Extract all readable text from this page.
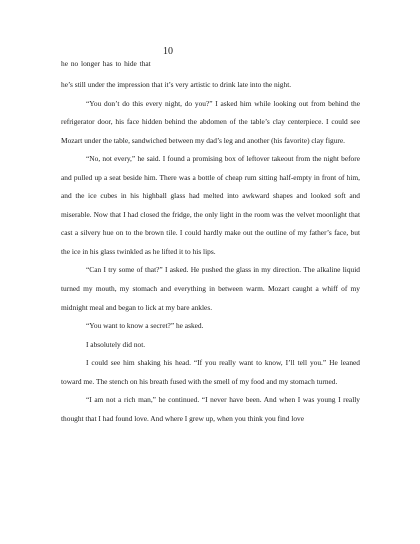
10
he no longer has to hide that

he’s still under the impression that it’s very artistic to drink late into the night.

“You don’t do this every night, do you?” I asked him while looking out from behind the refrigerator door, his face hidden behind the abdomen of the table’s clay centerpiece. I could see Mozart under the table, sandwiched between my dad’s leg and another (his favorite) clay figure.

“No, not every,” he said. I found a promising box of leftover takeout from the night before and pulled up a seat beside him. There was a bottle of cheap rum sitting half-empty in front of him, and the ice cubes in his highball glass had melted into awkward shapes and looked soft and miserable. Now that I had closed the fridge, the only light in the room was the velvet moonlight that cast a silvery hue on to the brown tile. I could hardly make out the outline of my father’s face, but the ice in his glass twinkled as he lifted it to his lips.

“Can I try some of that?” I asked. He pushed the glass in my direction. The alkaline liquid turned my mouth, my stomach and everything in between warm. Mozart caught a whiff of my midnight meal and began to lick at my bare ankles.

“You want to know a secret?” he asked.

I absolutely did not.

I could see him shaking his head. “If you really want to know, I’ll tell you.” He leaned toward me. The stench on his breath fused with the smell of my food and my stomach turned.

“I am not a rich man,” he continued. “I never have been. And when I was young I really thought that I had found love. And where I grew up, when you think you find love
